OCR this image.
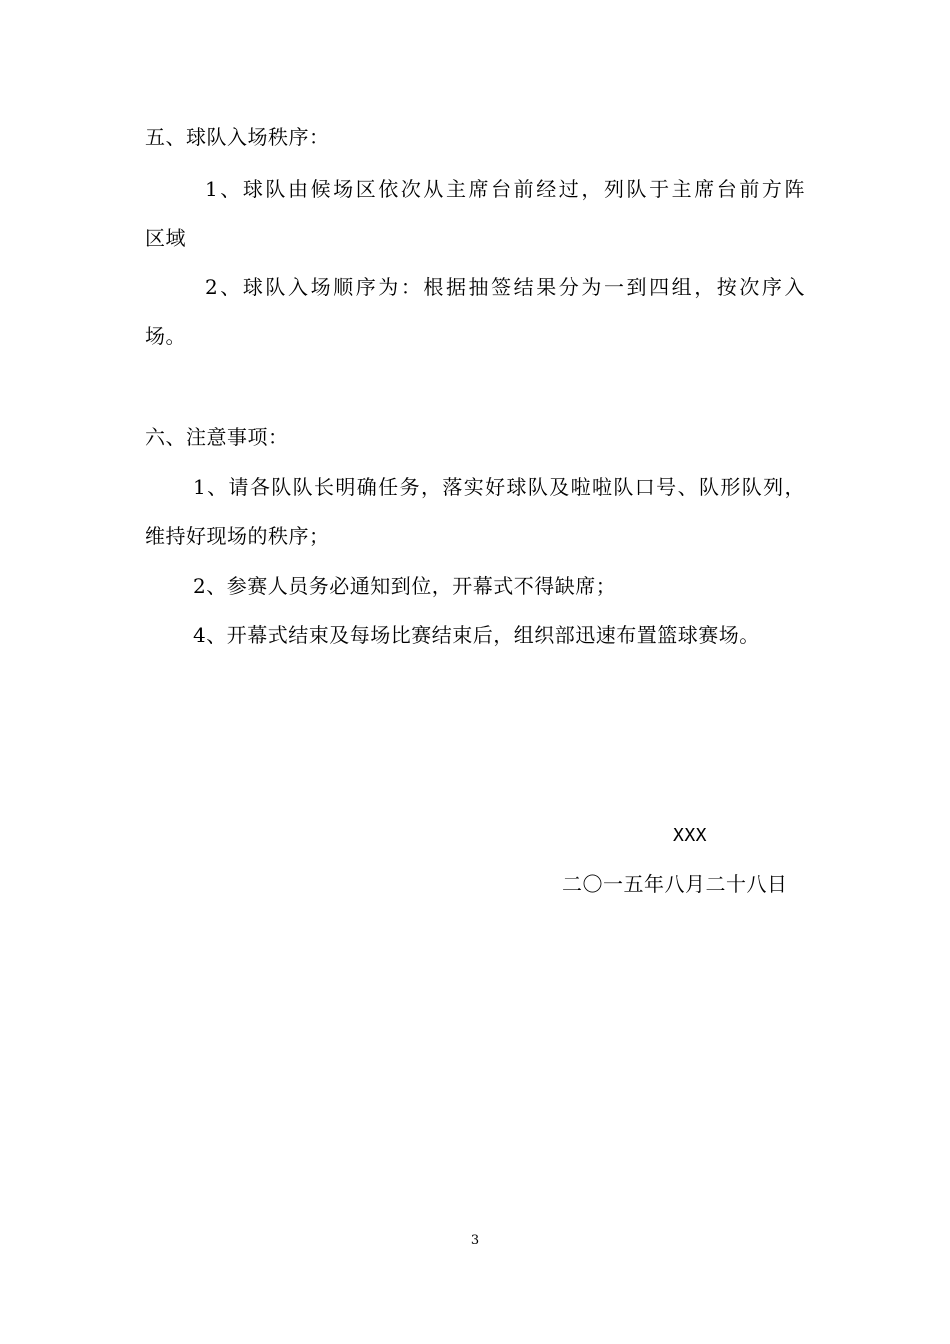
五、球队入场秩序：
1、球队由候场区依次从主席台前经过，列队于主席台前方阵
区域
2、球队入场顺序为：根据抽签结果分为一到四组，按次序入
场。
六、注意事项：
1、请各队队长明确任务，落实好球队及啦啦队口号、队形队列，
维持好现场的秩序；
2、参赛人员务必通知到位，开幕式不得缺席；
4、开幕式结束及每场比赛结束后，组织部迅速布置篮球赛场。
XXX
二〇一五年八月二十八日
3
